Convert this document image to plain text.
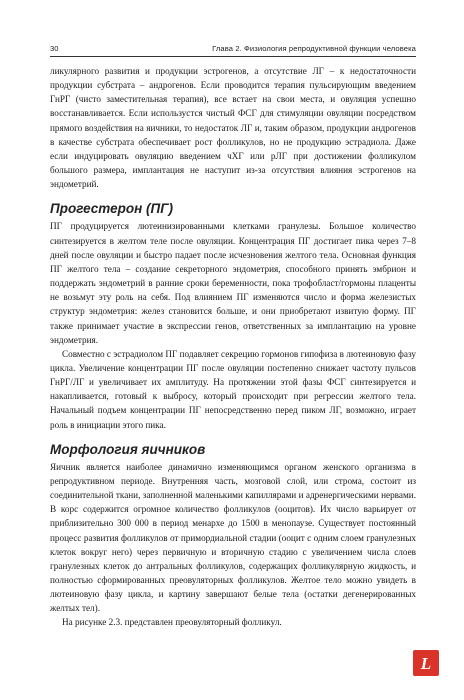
30	Глава 2. Физиология репродуктивной функции человека

ликулярного развития и продукции эстрогенов, а отсутствие ЛГ – к недостаточности продукции субстрата – андрогенов. Если проводится терапия пульсирующим введением ГнРГ (чисто заместительная терапия), все встает на свои места, и овуляция успешно восстанавливается. Если использустся чистый ФСГ для стимуляции овуляции посредством прямого воздействия на яичники, то недостаток ЛГ и, таким образом, продукции андрогенов в качестве субстрата обеспечивает рост фолликулов, но не продукцию эстрадиола. Даже если индуцировать овуляцию введением чХГ или рЛГ при достижении фолликулом большого размера, имплантация не наступит из-за отсутствия влияния эстрогенов на эндометрий.

Прогестерон (ПГ)

ПГ продуцируется лютеинизированными клетками гранулезы. Большое количество синтезируется в желтом теле после овуляции. Концентрация ПГ достигает пика через 7–8 дней после овуляции и быстро падает после исчезновения желтого тела. Основная функция ПГ желтого тела – создание секреторного эндометрия, способного принять эмбрион и поддержать эндометрий в ранние сроки беременности, пока трофобласт/гормоны плаценты не возьмут эту роль на себя. Под влиянием ПГ изменяются число и форма железистых структур эндометрия: желез становится больше, и они приобретают извитую форму. ПГ также принимает участие в экспрессии генов, ответственных за имплантацию на уровне эндометрия.

Совместно с эстрадиолом ПГ подавляет секрецию гормонов гипофиза в лютеиновую фазу цикла. Увеличение концентрации ПГ после овуляции постепенно снижает частоту пульсов ГнРГ/ЛГ и увеличивает их амплитуду. На протяжении этой фазы ФСГ синтезируется и накапливается, готовый к выбросу, который происходит при регрессии желтого тела. Начальный подъем концентрации ПГ непосредственно перед пиком ЛГ, возможно, играет роль в инициации этого пика.

Морфология яичников

Яичник является наиболее динамично изменяющимся органом женского организма в репродуктивном периоде. Внутренняя часть, мозговой слой, или строма, состоит из соединительной ткани, заполненной маленькими капиллярами и адренергическими нервами. В корс содержится огромное количество фолликулов (ооцитов). Их число варьирует от приблизительно 300 000 в период менархе до 1500 в менопаузе. Существует постоянный процесс развития фолликулов от примордиальной стадии (ооцит с одним слоем гранулезных клеток вокруг него) через первичную и вторичную стадию с увеличением числа слоев гранулезных клеток до антральных фолликулов, содержащих фолликулярную жидкость, и полностью сформированных преовуляторных фолликулов. Желтое тело можно увидеть в лютеиновую фазу цикла, и картину завершают белые тела (остатки дегенерированных желтых тел).

На рисунке 2.3. представлен преовуляторный фолликул.

L
